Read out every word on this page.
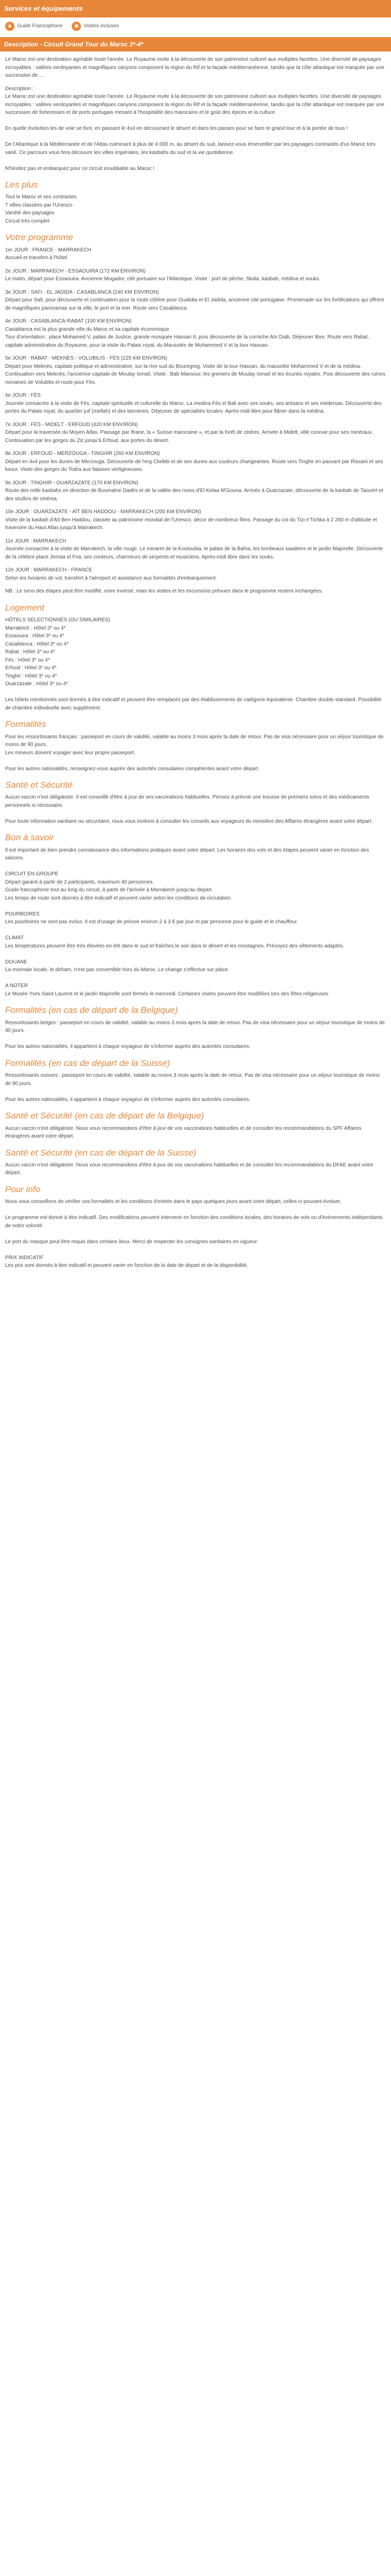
Services et équipements
♟ Guide Francophone	◉ Visites incluses
Description - Circuit Grand Tour du Maroc 3*-4*

Le Maroc est une destination agréable toute l'année. Le Royaume invite à la découverte de son patrimoine culturel aux multiples facettes. Une diversité de paysages incroyables : vallées verdoyantes et magnifiques canyons composent la région du Rif et la façade méditerranéenne, tandis que la côte atlantique est marquée par une succession de ...

Description :
Le Maroc est une destination agréable toute l'année. Le Royaume invite à la découverte de son patrimoine culturel aux multiples facettes. Une diversité de paysages incroyables : vallées verdoyantes et magnifiques canyons composent la région du Rif et la façade méditerranéenne, tandis que la côte atlantique est marquée par une succession de forteresses et de ports portugais menant à l'hospitalité des marocains et le goût des épices et la culture.

En quelle évolution les de voie se font, en passant le 4x4 en découvrant le désert et dans les passes pour se faire le grand tour et à la portée de tous !

De l'Atlantique à la Méditerranée et de l'Atlas culminant à plus de 4 000 m, au désert du sud, laissez-vous émerveiller par les paysages contrastés d'un Maroc très varié. Ce parcours vous fera découvrir les villes impériales, les kasbahs du sud et la vie quotidienne.

N'hésitez pas et embarquez pour ce circuit inoubliable au Maroc !

Les plus

Tout le Maroc et ses contrastes
7 villes classées par l'Unesco
Variété des paysages
Circuit très complet

Votre programme

1er JOUR : FRANCE - MARRAKECH
Accueil et transfert à l'hôtel.

2e JOUR : MARRAKECH - ESSAOUIRA (172 KM ENVIRON)
Le matin, départ pour Essaouira. Ancienne Mogador, cité portuaire sur l'Atlantique. Visite : port de pêche, Skala, kasbah, médina et souks.

3e JOUR : SAFI - EL JADIDA - CASABLANCA (240 KM ENVIRON)
Départ pour Safi, pour découverte et continuation pour la route côtière pour Oualidia et El Jadida, ancienne cité portugaise. Promenade sur les fortifications qui offrent de magnifiques panoramas sur la ville, le port et la mer. Route vers Casablanca.

4e JOUR : CASABLANCA-RABAT (100 KM ENVIRON)
Casablanca est la plus grande ville du Maroc et sa capitale économique.
Tour d'orientation : place Mohamed V, palais de Justice, grande mosquée Hassan II, puis découverte de la corniche Aïn Diab. Déjeuner libre. Route vers Rabat, capitale administrative du Royaume, pour la visite du Palais royal, du Mausolée de Mohammed V et la tour Hassan.

5e JOUR : RABAT - MEKNÈS - VOLUBILIS - FÈS (225 KM ENVIRON)
Départ pour Meknès, capitale politique et administrative, sur la rive sud du Bouregreg. Visite de la tour Hassan, du mausolée Mohammed V et de la médina.
Continuation vers Meknès, l'ancienne capitale de Moulay Ismaïl. Visite : Bab Mansour, les greniers de Moulay Ismaïl et les écuries royales. Puis découverte des ruines romaines de Volubilis et route pour Fès.

6e JOUR : FÈS
Journée consacrée à la visite de Fès, capitale spirituelle et culturelle du Maroc. La medina Fès el Bali avec ses souks, ses artisans et ses médersas. Découverte des portes du Palais royal, du quartier juif (mellah) et des tanneries. Déjeuner de spécialités locales. Après-midi libre pour flâner dans la médina.

7e JOUR : FÈS - MIDELT - ERFOUD (420 KM ENVIRON)
Départ pour la traversée du Moyen Atlas. Passage par Ifrane, la « Suisse marocaine », et par la forêt de cèdres. Arrivée à Midelt, ville connue pour ses minéraux. Continuation par les gorges du Ziz jusqu'à Erfoud, aux portes du désert.

8e JOUR : ERFOUD - MERZOUGA - TINGHIR (260 KM ENVIRON)
Départ en 4x4 pour les dunes de Merzouga. Découverte de l'erg Chebbi et de ses dunes aux couleurs changeantes. Route vers Tinghir en passant par Rissani et ses ksour. Visite des gorges du Todra aux falaises vertigineuses.

9e JOUR : TINGHIR - OUARZAZATE (170 KM ENVIRON)
Route des mille kasbahs en direction de Boumalne Dadès et de la vallée des roses d'El Kelaa M'Gouna. Arrivée à Ouarzazate, découverte de la kasbah de Taourirt et des studios de cinéma.

10e JOUR : OUARZAZATE - AÏT BEN HADDOU - MARRAKECH (200 KM ENVIRON)
Visite de la kasbah d'Aït Ben Haddou, classée au patrimoine mondial de l'Unesco, décor de nombreux films. Passage du col du Tizi n'Tichka à 2 260 m d'altitude et traversée du Haut Atlas jusqu'à Marrakech.

11e JOUR : MARRAKECH
Journée consacrée à la visite de Marrakech, la ville rouge. Le minaret de la Koutoubia, le palais de la Bahia, les tombeaux saadiens et le jardin Majorelle. Découverte de la célèbre place Jemaa el Fna, ses conteurs, charmeurs de serpents et musiciens. Après-midi libre dans les souks.

12e JOUR : MARRAKECH - FRANCE
Selon les horaires de vol, transfert à l'aéroport et assistance aux formalités d'embarquement.

NB : Le sens des étapes peut être modifié, voire inversé, mais les visites et les excursions prévues dans le programme restent inchangées.

Logement

HÔTELS SÉLECTIONNÉS (OU SIMILAIRES)
Marrakech : Hôtel 3* ou 4*
Essaouira : Hôtel 3* ou 4*
Casablanca : Hôtel 3* ou 4*
Rabat : Hôtel 3* ou 4*
Fès : Hôtel 3* ou 4*
Erfoud : Hôtel 3* ou 4*
Tinghir : Hôtel 3* ou 4*
Ouarzazate : Hôtel 3* ou 4*

Les hôtels mentionnés sont donnés à titre indicatif et peuvent être remplacés par des établissements de catégorie équivalente. Chambre double standard. Possibilité de chambre individuelle avec supplément.

Formalités

Pour les ressortissants français : passeport en cours de validité, valable au moins 3 mois après la date de retour. Pas de visa nécessaire pour un séjour touristique de moins de 90 jours.
Les mineurs doivent voyager avec leur propre passeport.

Pour les autres nationalités, renseignez-vous auprès des autorités consulaires compétentes avant votre départ.

Santé et Sécurité

Aucun vaccin n'est obligatoire. Il est conseillé d'être à jour de ses vaccinations habituelles. Pensez à prévoir une trousse de premiers soins et des médicaments personnels si nécessaire.

Pour toute information sanitaire ou sécuritaire, nous vous invitons à consulter les conseils aux voyageurs du ministère des Affaires étrangères avant votre départ.

Bon à savoir

Il est important de bien prendre connaissance des informations pratiques avant votre départ. Les horaires des vols et des étapes peuvent varier en fonction des saisons.

CIRCUIT EN GROUPE
Départ garanti à partir de 2 participants, maximum 40 personnes.
Guide francophone tout au long du circuit, à partir de l'arrivée à Marrakech jusqu'au départ.
Les temps de route sont donnés à titre indicatif et peuvent varier selon les conditions de circulation.

POURBOIRES
Les pourboires ne sont pas inclus. Il est d'usage de prévoir environ 2 à 3 € par jour et par personne pour le guide et le chauffeur.

CLIMAT
Les températures peuvent être très élevées en été dans le sud et fraîches le soir dans le désert et les montagnes. Prévoyez des vêtements adaptés.

DOUANE
La monnaie locale, le dirham, n'est pas convertible hors du Maroc. Le change s'effectue sur place.

A NOTER
Le Musée Yves Saint Laurent et le jardin Majorelle sont fermés le mercredi. Certaines visites peuvent être modifiées lors des fêtes religieuses.

Formalités (en cas de départ de la Belgique)

Ressortissants belges : passeport en cours de validité, valable au moins 3 mois après la date de retour. Pas de visa nécessaire pour un séjour touristique de moins de 90 jours.

Pour les autres nationalités, il appartient à chaque voyageur de s'informer auprès des autorités consulaires.

Formalités (en cas de départ de la Suisse)

Ressortissants suisses : passeport en cours de validité, valable au moins 3 mois après la date de retour. Pas de visa nécessaire pour un séjour touristique de moins de 90 jours.

Pour les autres nationalités, il appartient à chaque voyageur de s'informer auprès des autorités consulaires.

Santé et Sécurité (en cas de départ de la Belgique)

Aucun vaccin n'est obligatoire. Nous vous recommandons d'être à jour de vos vaccinations habituelles et de consulter les recommandations du SPF Affaires étrangères avant votre départ.

Santé et Sécurité (en cas de départ de la Suisse)

Aucun vaccin n'est obligatoire. Nous vous recommandons d'être à jour de vos vaccinations habituelles et de consulter les recommandations du DFAE avant votre départ.

Pour info

Nous vous conseillons de vérifier vos formalités et les conditions d'entrée dans le pays quelques jours avant votre départ, celles-ci pouvant évoluer.

Le programme est donné à titre indicatif. Des modifications peuvent intervenir en fonction des conditions locales, des horaires de vols ou d'événements indépendants de notre volonté.

Le port du masque peut être requis dans certains lieux. Merci de respecter les consignes sanitaires en vigueur.

PRIX INDICATIF
Les prix sont donnés à titre indicatif et peuvent varier en fonction de la date de départ et de la disponibilité.
